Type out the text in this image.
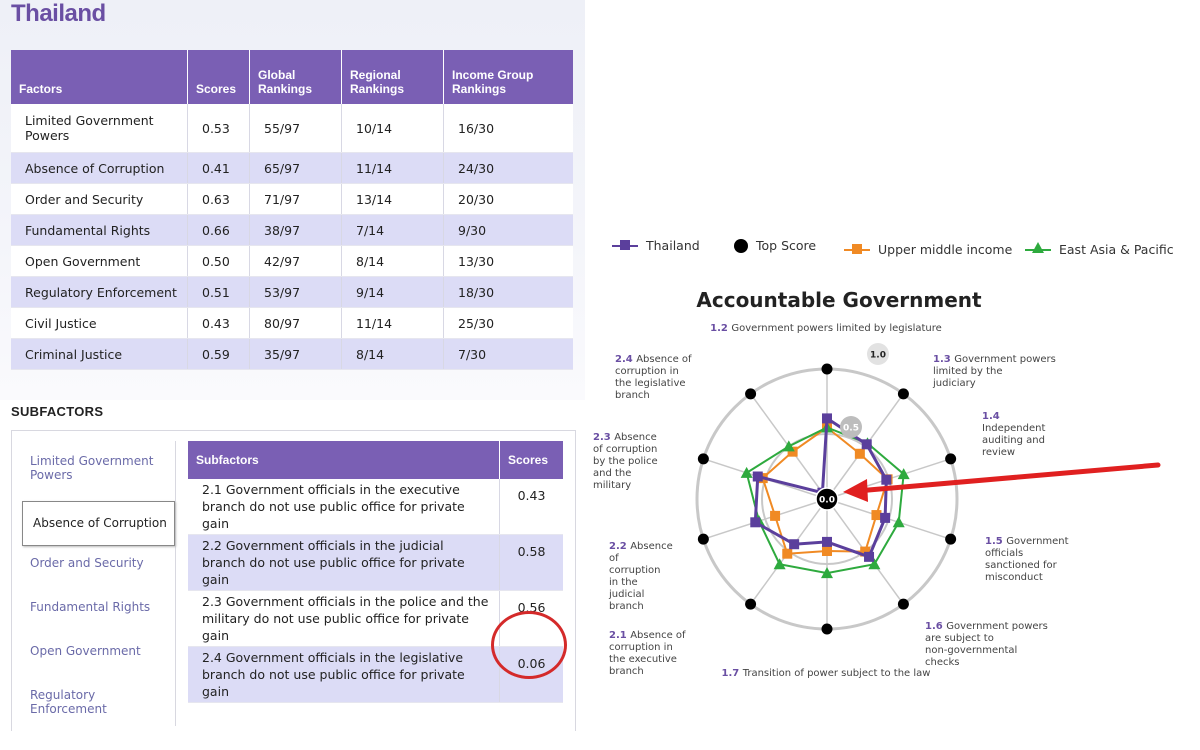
Thailand
Factors	Scores	Global Rankings	Regional Rankings	Income Group Rankings
Limited Government Powers	0.53	55/97	10/14	16/30
Absence of Corruption	0.41	65/97	11/14	24/30
Order and Security	0.63	71/97	13/14	20/30
Fundamental Rights	0.66	38/97	7/14	9/30
Open Government	0.50	42/97	8/14	13/30
Regulatory Enforcement	0.51	53/97	9/14	18/30
Civil Justice	0.43	80/97	11/14	25/30
Criminal Justice	0.59	35/97	8/14	7/30
SUBFACTORS
Limited Government Powers
Absence of Corruption
Order and Security
Fundamental Rights
Open Government
Regulatory Enforcement
Subfactors	Scores
2.1 Government officials in the executive branch do not use public office for private gain	0.43
2.2 Government officials in the judicial branch do not use public office for private gain	0.58
2.3 Government officials in the police and the military do not use public office for private gain	0.56
2.4 Government officials in the legislative branch do not use public office for private gain	0.06
Thailand	Top Score	Upper middle income	East Asia & Pacific
Accountable Government
1.2 Government powers limited by legislature
1.3 Government powers limited by the judiciary
1.4 Independent auditing and review
1.5 Government officials sanctioned for misconduct
1.6 Government powers are subject to non-governmental checks
1.7 Transition of power subject to the law
2.1 Absence of corruption in the executive branch
2.2 Absence of corruption in the judicial branch
2.3 Absence of corruption by the police and the military
2.4 Absence of corruption in the legislative branch
0.0
0.5
1.0
